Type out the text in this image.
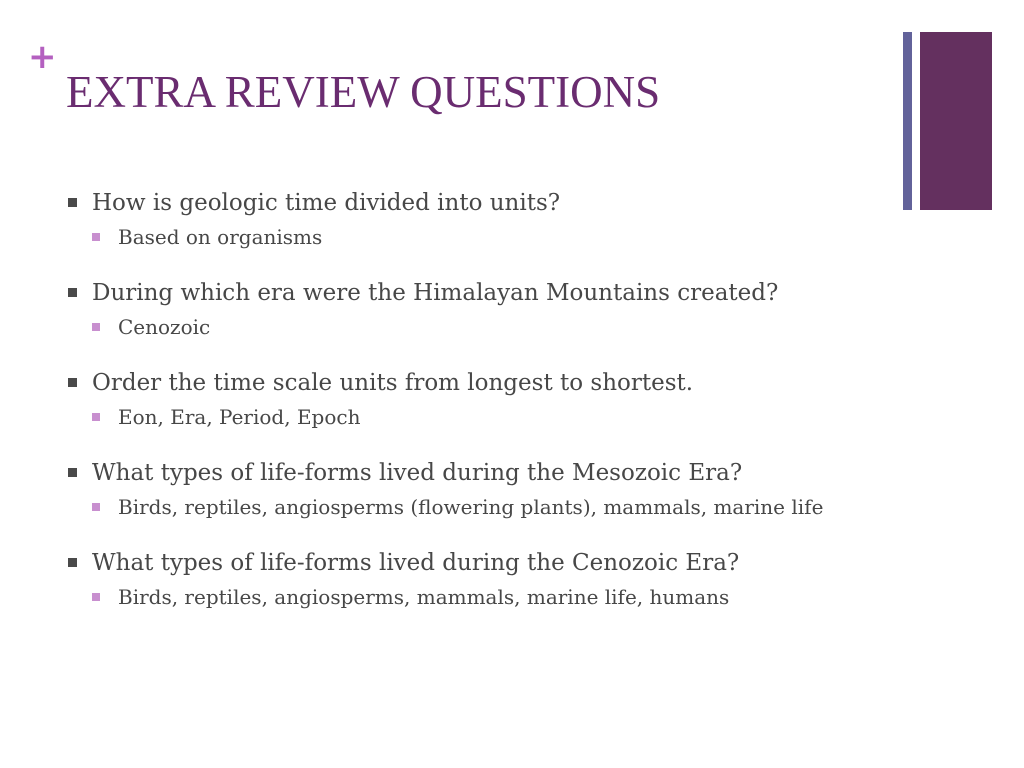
+
EXTRA REVIEW QUESTIONS
How is geologic time divided into units?
Based on organisms
During which era were the Himalayan Mountains created?
Cenozoic
Order the time scale units from longest to shortest.
Eon, Era, Period, Epoch
What types of life-forms lived during the Mesozoic Era?
Birds, reptiles, angiosperms (flowering plants), mammals, marine life
What types of life-forms lived during the Cenozoic Era?
Birds, reptiles, angiosperms, mammals, marine life, humans
